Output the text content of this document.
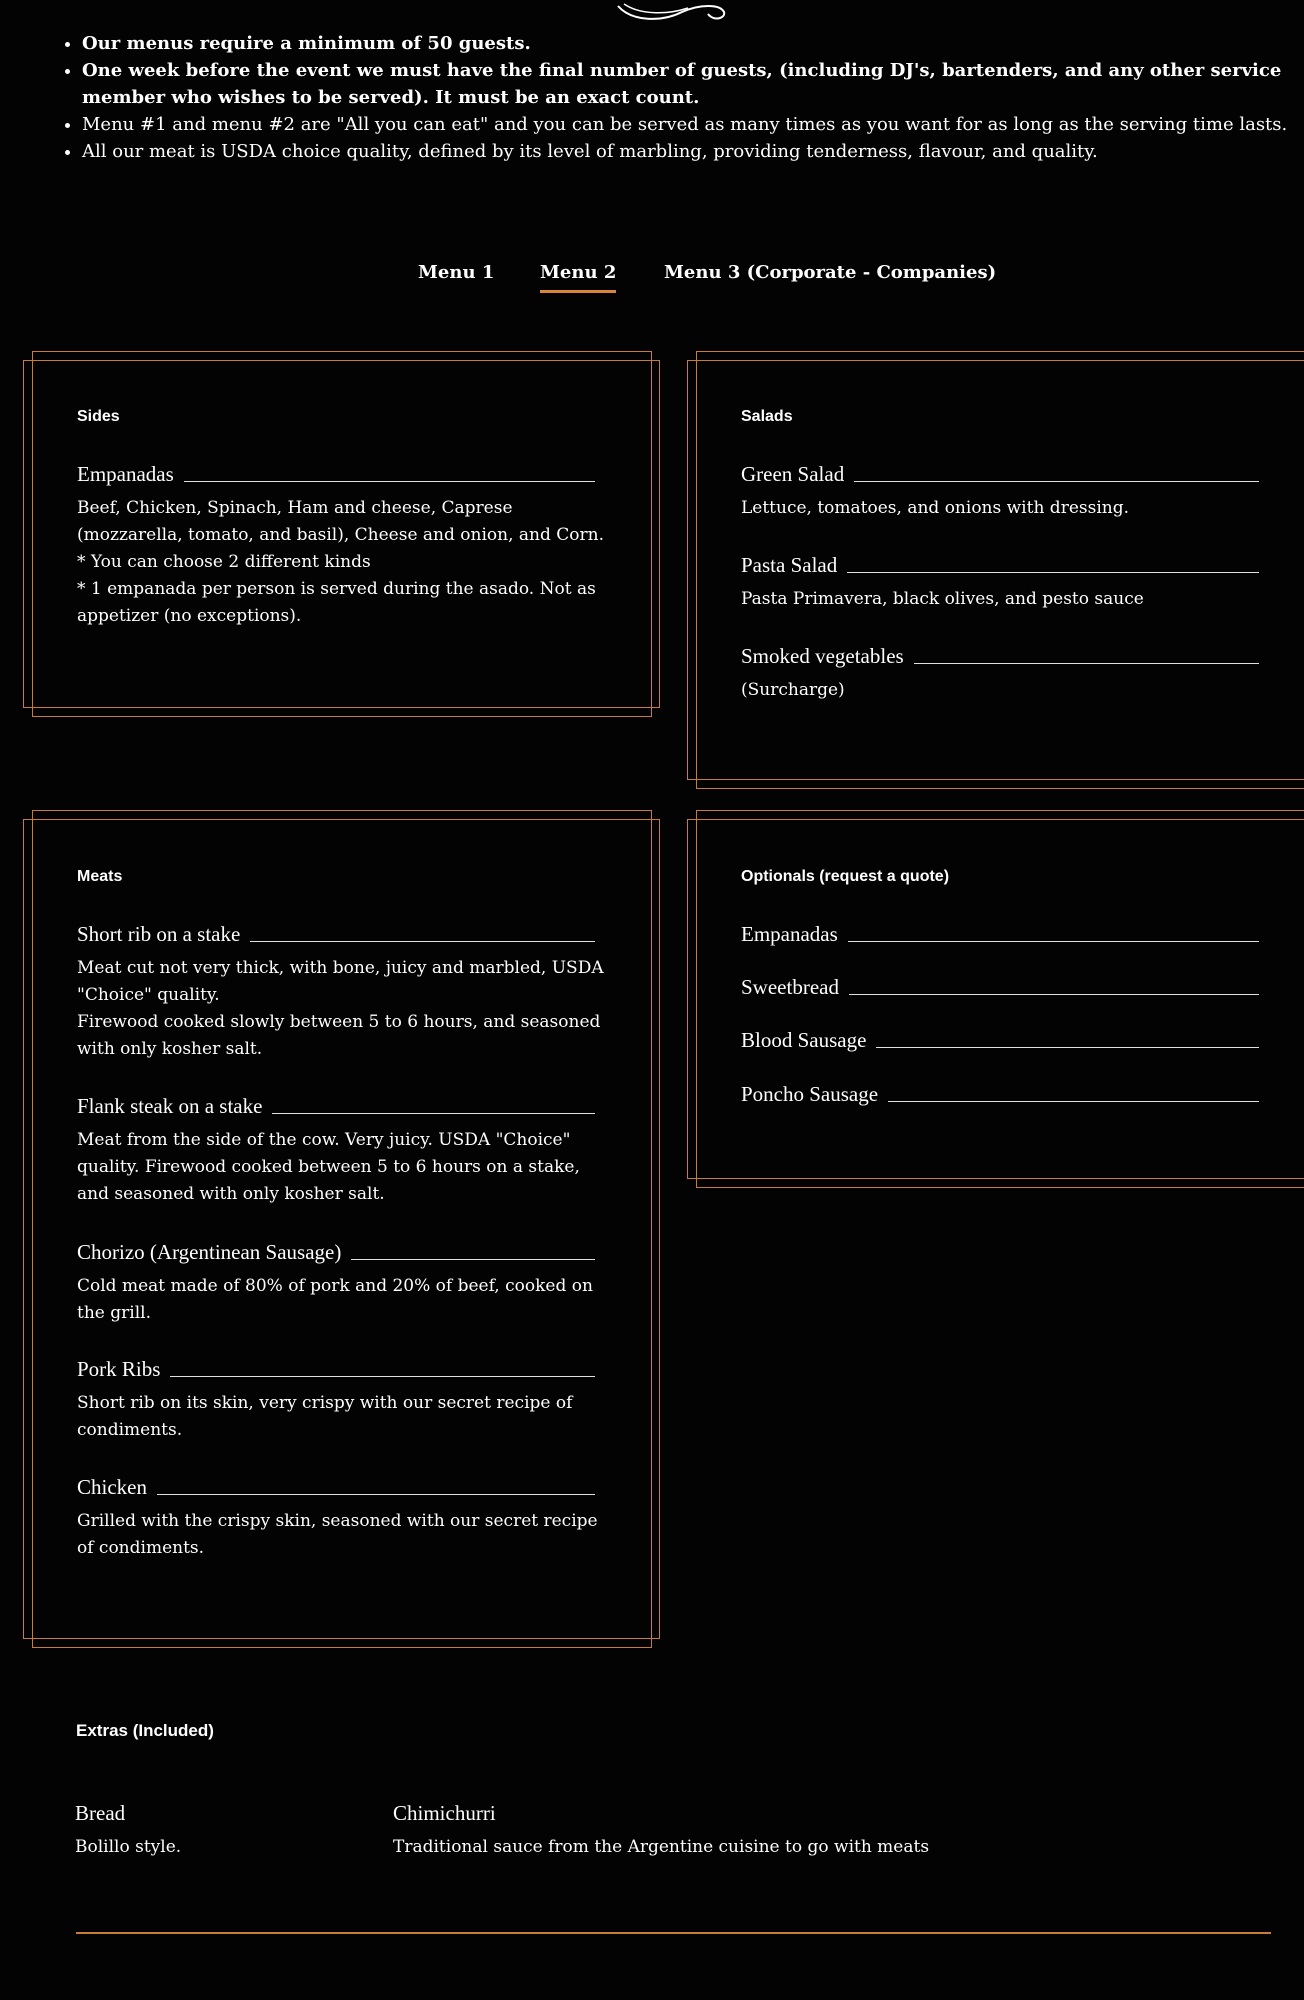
• Our menus require a minimum of 50 guests.
• One week before the event we must have the final number of guests, (including DJ's, bartenders, and any other service member who wishes to be served). It must be an exact count.
• Menu #1 and menu #2 are "All you can eat" and you can be served as many times as you want for as long as the serving time lasts.
• All our meat is USDA choice quality, defined by its level of marbling, providing tenderness, flavour, and quality.
Menu 1	Menu 2	Menu 3 (Corporate - Companies)
Sides
Empanadas
Beef, Chicken, Spinach, Ham and cheese, Caprese (mozzarella, tomato, and basil), Cheese and onion, and Corn.
* You can choose 2 different kinds
* 1 empanada per person is served during the asado. Not as appetizer (no exceptions).
Salads
Green Salad
Lettuce, tomatoes, and onions with dressing.
Pasta Salad
Pasta Primavera, black olives, and pesto sauce
Smoked vegetables
(Surcharge)
Meats
Short rib on a stake
Meat cut not very thick, with bone, juicy and marbled, USDA "Choice" quality.
Firewood cooked slowly between 5 to 6 hours, and seasoned with only kosher salt.
Flank steak on a stake
Meat from the side of the cow. Very juicy. USDA "Choice" quality. Firewood cooked between 5 to 6 hours on a stake, and seasoned with only kosher salt.
Chorizo (Argentinean Sausage)
Cold meat made of 80% of pork and 20% of beef, cooked on the grill.
Pork Ribs
Short rib on its skin, very crispy with our secret recipe of condiments.
Chicken
Grilled with the crispy skin, seasoned with our secret recipe of condiments.
Optionals (request a quote)
Empanadas
Sweetbread
Blood Sausage
Poncho Sausage
Extras (Included)
Bread
Bolillo style.
Chimichurri
Traditional sauce from the Argentine cuisine to go with meats
